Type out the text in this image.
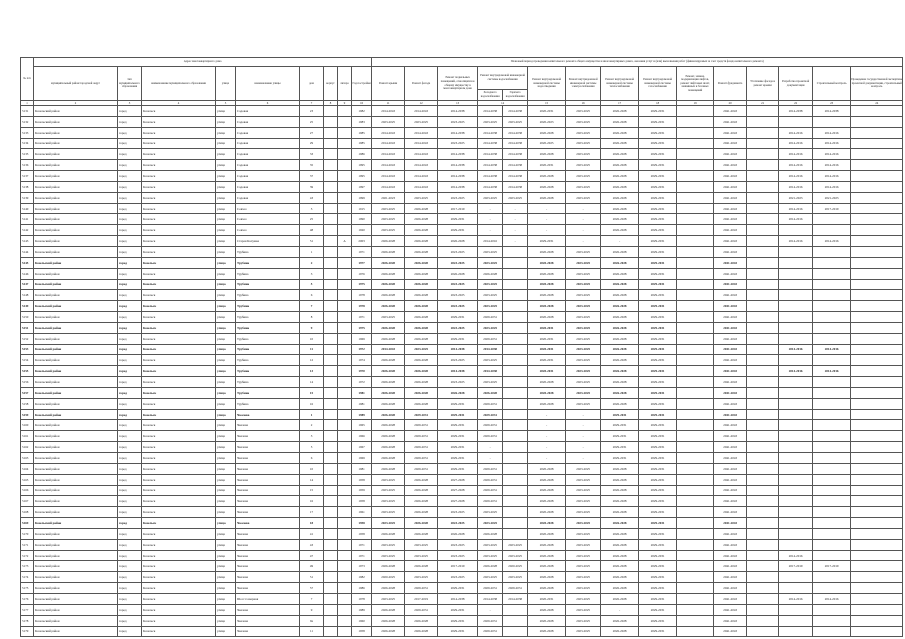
№ п/п	Адрес многоквартирного дома									Плановый период проведения капитального ремонта общего имущества в многоквартирных домах, оказания услуг и (или) выполнения работ (финансируемых за счет средств фонда капитального ремонта)														
	муниципальный район/городской округ	тип муниципального образования	наименование муниципального образования	улица	наименование улицы	дом	корпус	литера	Год постройки	Ремонт крыши	Ремонт фасада	Ремонт подвальных помещений, относящихся к общему имуществу в многоквартирном доме	Ремонт внутридомовой инженерной системы водоснабжения		Ремонт внутридомовой инженерной системы водоотведения	Ремонт внутридомовой инженерной системы электроснабжения	Ремонт внутридомовой инженерной системы теплоснабжения	Ремонт внутридомовой инженерной системы газоснабжения	Ремонт, замена, модернизация лифтов, ремонт лифтовых шахт, машинных и блочных помещений	Ремонт фундамента	Утепление фасада и ремонт крыши	Разработка проектной документации	Строительный контроль	Проведение государственной экспертизы проектной документации, строительный контроль
													Холодного водоснабжения	Горячего водоснабжения										
1	2	3	4	5	6	7	8	9	10	11	12	13	14		15	16	17	18	19	20	21	22	23	24
5131	Козельский район	город	Козельск	улица	Садовая	23			1982	2014-2043	2014-2043	2014-2038	2014-2038	2014-2038	2020-2031	2023-2025	2026-2028	2029-2031		2041-2043		2014-2038	2014-2038	
5132	Козельский район	город	Козельск	улица	Садовая	25			1983	2023-2025	2023-2025	2023-2025	2023-2025	2023-2025	2020-2023	2023-2025	2026-2028	2029-2031		2041-2043				
5133	Козельский район	город	Козельск	улица	Садовая	27			1985	2014-2043	2014-2043	2014-2038	2014-2038	2014-2038	2020-2028	2023-2025	2026-2028	2029-2031		2041-2043		2014-2016	2014-2016	
5134	Козельский район	город	Козельск	улица	Садовая	29			1985	2014-2043	2014-2043	2023-2025	2014-2038	2014-2038	2020-2025	2023-2025	2026-2028	2029-2031		2041-2043		2014-2016	2014-2016	
5135	Козельский район	город	Козельск	улица	Садовая	33			1986	2014-2043	2014-2043	2014-2038	2014-2038	2014-2038	2020-2028	2023-2025	2026-2028	2029-2031		2041-2043		2014-2016	2014-2016	
5136	Козельский район	город	Козельск	улица	Садовая	35			1995	2014-2043	2014-2043	2014-2038	2014-2038	2014-2038	2020-2031	2023-2025	2026-2028	2029-2031		2041-2043		2014-2016	2014-2016	
5137	Козельский район	город	Козельск	улица	Садовая	37			1995	2014-2043	2014-2043	2014-2038	2014-2038	2014-2038	2020-2028	2023-2025	2026-2028	2029-2031		2041-2043		2014-2016	2014-2016	
5138	Козельский район	город	Козельск	улица	Садовая	39			1997	2014-2043	2014-2043	2014-2038	2014-2038	2014-2038	2020-2028	2023-2025	2026-2028	2029-2031		2041-2043		2014-2016	2014-2016	
5139	Козельский район	город	Козельск	улица	Садовая	43			1999	2021-2023	2023-2025	2023-2025	2023-2025	2023-2025	2020-2028	2023-2025	2026-2028	2029-2031		2041-2043		2021-2023	2021-2023	
5140	Козельский район	город	Козельск	улица	Совхоз	5			1915	2023-2025	2026-2028	2017-2019	-	-	-	-	2026-2028	2029-2031		2041-2043		2014-2016	2017-2019	
5141	Козельский район	город	Козельск	улица	Совхоз	25			1990	2023-2025	2026-2028	2029-2031	-	-	-	-	2026-2028	2029-2031		2041-2043		2014-2016		
5142	Козельский район	город	Козельск	улица	Совхоз	48			1920	2023-2025	2026-2028	2029-2031	-	-	-	-	2026-2028	2029-2031		2041-2043				
5143	Козельский район	город	Козельск	улица	Старая Калужка	51		А	2003	2026-2028	2026-2028	2026-2028	2014-2016	-	2029-2031	-	-	2029-2031		2041-2043		2014-2016	2014-2016	
5144	Козельский район	город	Козельск	улица	Трубина	1			1971	2026-2028	2026-2028	2023-2025	2023-2025		2020-2028	2023-2025	2026-2028	2029-2031		2041-2043				
5145	Козельский район	город	Козельск	улица	Трубина	2			1977	2026-2028	2026-2028	2023-2025	2023-2025		2020-2028	2023-2025	2026-2028	2029-2031		2041-2043				
5146	Козельский район	город	Козельск	улица	Трубина	3			1976	2026-2028	2026-2028	2026-2028	2026-2028		2020-2028	2023-2025	2026-2028	2029-2031		2041-2043				
5147	Козельский район	город	Козельск	улица	Трубина	5			1975	2026-2028	2026-2028	2023-2025	2023-2025		2020-2028	2023-2025	2026-2028	2029-2031		2041-2043				
5148	Козельский район	город	Козельск	улица	Трубина	6			1978	2026-2028	2026-2028	2023-2025	2023-2025		2020-2028	2023-2025	2026-2028	2029-2031		2041-2043				
5149	Козельский район	город	Козельск	улица	Трубина	7			1978	2026-2028	2026-2028	2023-2025	2023-2025		2020-2028	2023-2025	2026-2028	2029-2031		2041-2043				
5150	Козельский район	город	Козельск	улица	Трубина	8			1971	2023-2025	2026-2028	2029-2031	2029-2031		2020-2028	2023-2025	2026-2028	2029-2031		2041-2043				
5151	Козельский район	город	Козельск	улица	Трубина	9			1975	2026-2028	2026-2028	2023-2025	2023-2025		2020-2031	2023-2025	2026-2028	2029-2031		2041-2043				
5152	Козельский район	город	Козельск	улица	Трубина	10			1969	2026-2028	2026-2028	2029-2031	2029-2031		2020-2031	2023-2025	2026-2028	2029-2031		2041-2043				
5153	Козельский район	город	Козельск	улица	Трубина	11			1972	2014-2043	2023-2025	2014-2038	2014-2038		2020-2031	2023-2025	2026-2028	2029-2031		2041-2043		2014-2016	2014-2016	
5154	Козельский район	город	Козельск	улица	Трубина	12			1974	2026-2028	2026-2028	2023-2025	2023-2025		2020-2031	2023-2025	2026-2028	2029-2031		2041-2043				
5155	Козельский район	город	Козельск	улица	Трубина	13			1970	2026-2028	2026-2028	2014-2038	2014-2038		2020-2031	2023-2025	2026-2028	2029-2031		2041-2043		2014-2016	2014-2016	
5156	Козельский район	город	Козельск	улица	Трубина	14			1972	2026-2028	2026-2028	2023-2025	2023-2025		2020-2028	2023-2025	2026-2028	2029-2031		2041-2043				
5157	Козельский район	город	Козельск	улица	Трубина	15			1981	2026-2028	2026-2028	2026-2028	2026-2028		2020-2028	2023-2025	2026-2028	2029-2031		2041-2043				
5158	Козельский район	город	Козельск	улица	Трубина	16			1981	2026-2028	2026-2028	2029-2031	2029-2031		2020-2028	2023-2025	2026-2028	2029-2031		2041-2043				
5159	Козельский район	город	Козельск	улица	Чкалова	1			1989	2026-2028	2029-2031	2029-2031	2029-2031		-	-	2029-2031	2029-2031		2041-2043				
5160	Козельский район	город	Козельск	улица	Чкалова	2			1965	2026-2028	2029-2031	2029-2031	2029-2031		-	-	2029-2031	2029-2031		2041-2043				
5161	Козельский район	город	Козельск	улица	Чкалова	3			1966	2026-2028	2029-2031	2029-2031	2029-2031		-	-	2029-2031	2029-2031		2041-2043				
5162	Козельский район	город	Козельск	улица	Чкалова	5			1967	2026-2028	2029-2031	2029-2031	-		-	-	2029-2031	2029-2031		2041-2043				
5163	Козельский район	город	Козельск	улица	Чкалова	6			1969	2026-2028	2029-2031	2029-2031	-		-	-	2029-2031	2029-2031		2041-2043				
5164	Козельский район	город	Козельск	улица	Чкалова	10			1981	2026-2028	2029-2031	2029-2031	2029-2031		2020-2028	2023-2025	2026-2028	2029-2031		2041-2043				
5165	Козельский район	город	Козельск	улица	Чкалова	14			1958	2023-2025	2026-2028	2027-2028	2029-2031		2020-2028	2023-2025	2026-2028	2029-2031		2041-2043				
5166	Козельский район	город	Козельск	улица	Чкалова	15			1959	2023-2025	2026-2028	2027-2028	2029-2031		2020-2028	2023-2025	2026-2028	2029-2031		2041-2043				
5167	Козельский район	город	Козельск	улица	Чкалова	16			1958	2023-2025	2026-2028	2027-2028	2029-2031		2020-2028	2023-2025	2026-2028	2029-2031		2041-2043				
5168	Козельский район	город	Козельск	улица	Чкалова	17			1961	2023-2025	2026-2028	2023-2025	2023-2025		2020-2028	2023-2025	2026-2028	2029-2031		2041-2043				
5169	Козельский район	город	Козельск	улица	Чкалова	18			1958	2023-2025	2026-2028	2023-2025	2023-2025		2020-2028	2023-2025	2026-2028	2029-2031		2041-2043				
5170	Козельский район	город	Козельск	улица	Чкалова	41			1958	2026-2028	2026-2028	2026-2028	2026-2028		2020-2028	2023-2025	2026-2028	2029-2031		2041-2043				
5171	Козельский район	город	Козельск	улица	Чкалова	43			1971	2023-2025	2023-2025	2023-2025	2023-2025	2023-2025	2020-2028	2023-2025	2026-2028	2029-2031		2041-2043				
5172	Козельский район	город	Козельск	улица	Чкалова	47			1971	2023-2025	2023-2025	2023-2025	2023-2025	2023-2025	2020-2028	2023-2025	2026-2028	2029-2031		2041-2043		2014-2016		
5173	Козельский район	город	Козельск	улица	Чкалова	49			1973	2026-2028	2026-2028	2017-2019	2026-2028	2020-2025	2020-2028	2023-2025	2026-2028	2029-2031		2041-2043		2017-2019	2017-2019	
5174	Козельский район	город	Козельск	улица	Чкалова	51			1982	2020-2025	2023-2025	2023-2025	2023-2025	2023-2025	2020-2028	2023-2025	2026-2028	2029-2031		2041-2043				
5175	Козельский район	город	Козельск	улица	Чкалова	57			1986	2026-2028	2029-2031	2029-2031	2029-2031	2029-2031	2020-2028	2023-2025	2026-2028	2029-2031		2041-2043				
5176	Козельский район	город	Козельск	улица	Шосс.Северная	7			1978	2023-2025	2017-2019	2014-2038	2014-2038	2014-2038	2020-2031	2023-2025	2026-2028	2029-2031		2041-2043		2014-2016	2014-2016	
5177	Козельский район	город	Козельск	улица	Чкалова	9			1989	2026-2028	2029-2031	2029-2031	-		2020-2028	2023-2025	-	2029-2031		2041-2043				
5178	Козельский район	город	Козельск	улица	Чкалова	9а			1960	2026-2028	2026-2028	2029-2031	2029-2031		2020-2028	2023-2025	2026-2028	2029-2031		2041-2043				
5179	Козельский район	город	Козельск	улица	Чкалова	11			1958	2026-2028	2026-2028	2029-2031	2029-2031		2020-2028	2023-2025	2026-2028	2029-2031		2041-2043				
